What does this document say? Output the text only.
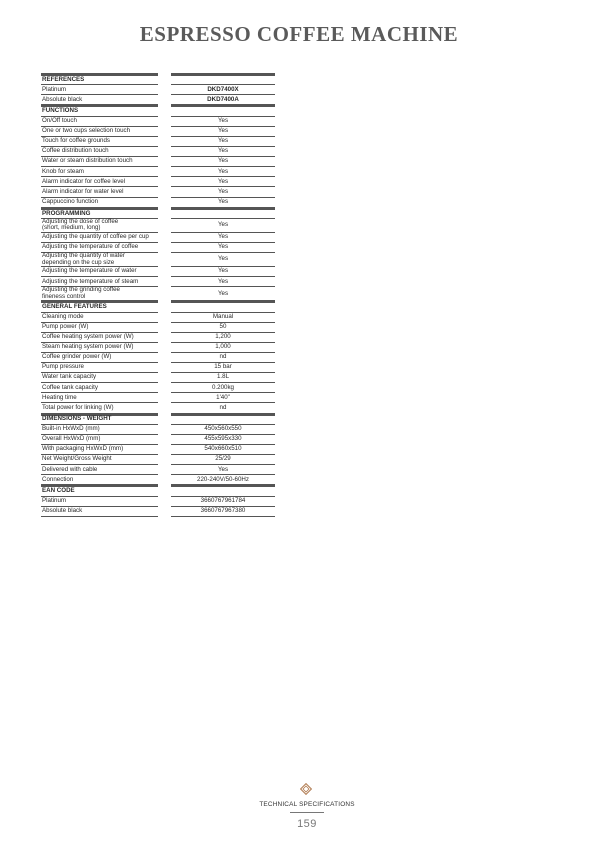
ESPRESSO COFFEE MACHINE
REFERENCES		
Platinum		DKD7400X
Absolute black		DKD7400A
FUNCTIONS		
On/Off touch		Yes
One or two cups selection touch		Yes
Touch for coffee grounds		Yes
Coffee distribution touch		Yes
Water or steam distribution touch		Yes
Knob for steam		Yes
Alarm indicator for coffee level		Yes
Alarm indicator for water level		Yes
Cappuccino function		Yes
PROGRAMMING		
Adjusting the dose of coffee
(short, medium, long)		Yes
Adjusting the quantity of coffee per cup		Yes
Adjusting the temperature of coffee		Yes
Adjusting the quantity of water
depending on the cup size		Yes
Adjusting the temperature of water		Yes
Adjusting the temperature of steam		Yes
Adjusting the grinding coffee
fineness control		Yes
GENERAL FEATURES		
Cleaning mode		Manual
Pump power (W)		50
Coffee heating system power (W)		1,200
Steam heating system power (W)		1,000
Coffee grinder power (W)		nd
Pump pressure		15 bar
Water tank capacity		1.8L
Coffee tank capacity		0.200kg
Heating time		1'40"
Total power for linking (W)		nd
DIMENSIONS - WEIGHT		
Built-in HxWxD (mm)		450x560x550
Overall HxWxD (mm)		455x595x330
With packaging HxWxD (mm)		540x660x510
Net Weight/Gross Weight		25/29
Delivered with cable		Yes
Connection		220-240V/50-60Hz
EAN CODE		
Platinum		3660767961784
Absolute black		3660767967380
TECHNICAL SPECIFICATIONS
159
